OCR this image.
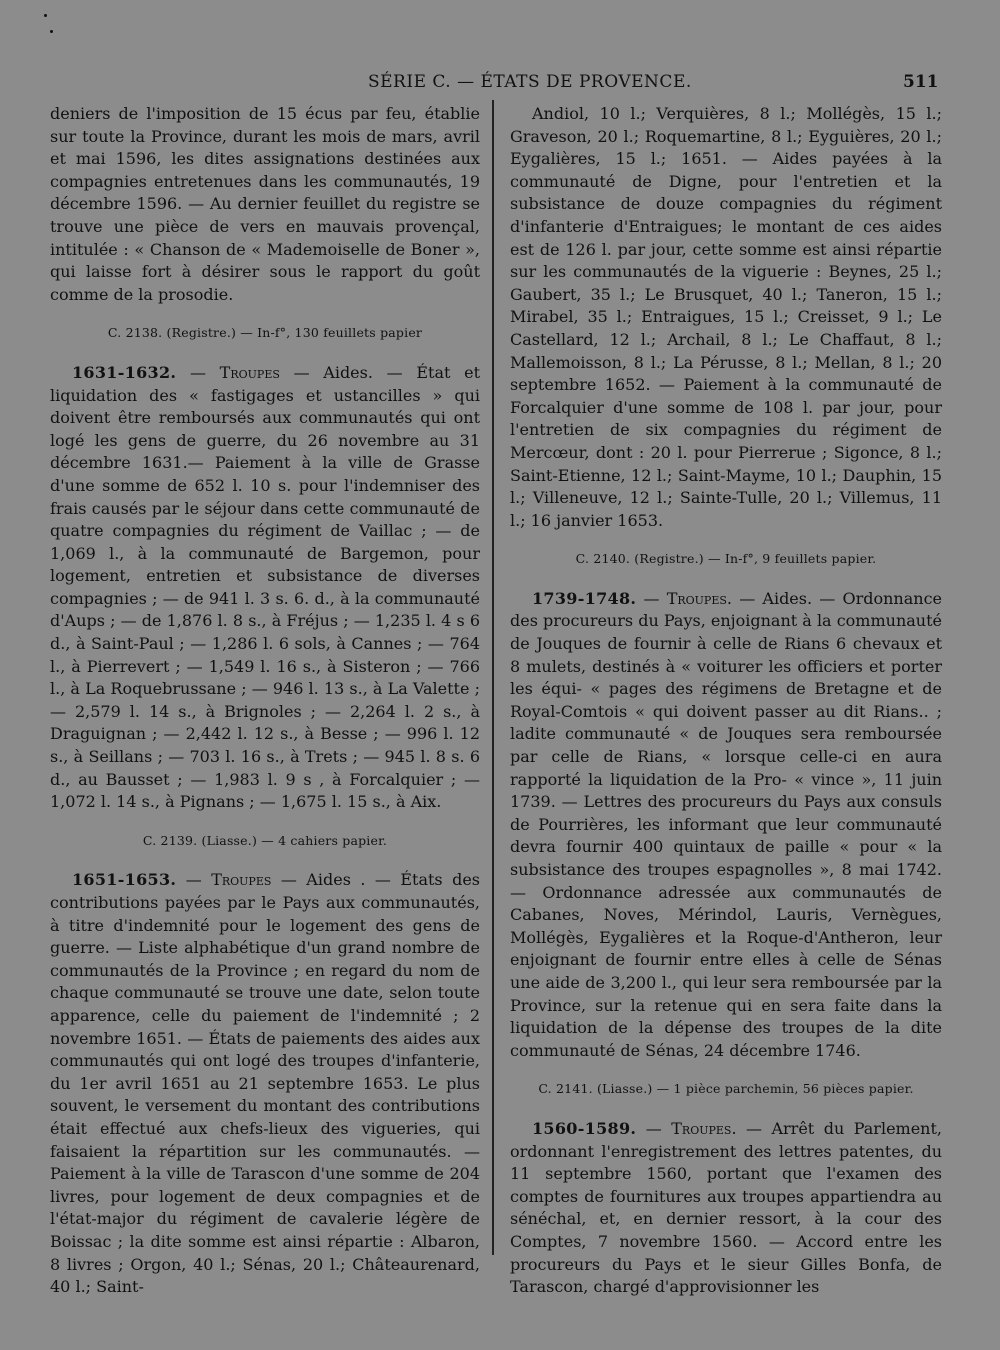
SÉRIE C. — ÉTATS DE PROVENCE.	511

deniers de l'imposition de 15 écus par feu, établie sur toute la Province, durant les mois de mars, avril et mai 1596, les dites assignations destinées aux compagnies entretenues dans les communautés, 19 décembre 1596. — Au dernier feuillet du registre se trouve une pièce de vers en mauvais provençal, intitulée : « Chanson de « Mademoiselle de Boner », qui laisse fort à désirer sous le rapport du goût comme de la prosodie.

C. 2138. (Registre.) — In-f°, 130 feuillets papier

1631-1632. — Troupes — Aides. — État et liquidation des « fastigages et ustancilles » qui doivent être remboursés aux communautés qui ont logé les gens de guerre, du 26 novembre au 31 décembre 1631.— Paiement à la ville de Grasse d'une somme de 652 l. 10 s. pour l'indemniser des frais causés par le séjour dans cette communauté de quatre compagnies du régiment de Vaillac ; — de 1,069 l., à la communauté de Bargemon, pour logement, entretien et subsistance de diverses compagnies ; — de 941 l. 3 s. 6. d., à la communauté d'Aups ; — de 1,876 l. 8 s., à Fréjus ; — 1,235 l. 4 s 6 d., à Saint-Paul ; — 1,286 l. 6 sols, à Cannes ; — 764 l., à Pierrevert ; — 1,549 l. 16 s., à Sisteron ; — 766 l., à La Roquebrussane ; — 946 l. 13 s., à La Valette ; — 2,579 l. 14 s., à Brignoles ; — 2,264 l. 2 s., à Draguignan ; — 2,442 l. 12 s., à Besse ; — 996 l. 12 s., à Seillans ; — 703 l. 16 s., à Trets ; — 945 l. 8 s. 6 d., au Bausset ; — 1,983 l. 9 s , à Forcalquier ; — 1,072 l. 14 s., à Pignans ; — 1,675 l. 15 s., à Aix.

C. 2139. (Liasse.) — 4 cahiers papier.

1651-1653. — Troupes — Aides . — États des contributions payées par le Pays aux communautés, à titre d'indemnité pour le logement des gens de guerre. — Liste alphabétique d'un grand nombre de communautés de la Province ; en regard du nom de chaque communauté se trouve une date, selon toute apparence, celle du paiement de l'indemnité ; 2 novembre 1651. — États de paiements des aides aux communautés qui ont logé des troupes d'infanterie, du 1er avril 1651 au 21 septembre 1653. Le plus souvent, le versement du montant des contributions était effectué aux chefs-lieux des vigueries, qui faisaient la répartition sur les communautés. — Paiement à la ville de Tarascon d'une somme de 204 livres, pour logement de deux compagnies et de l'état-major du régiment de cavalerie légère de Boissac ; la dite somme est ainsi répartie : Albaron, 8 livres ; Orgon, 40 l.; Sénas, 20 l.; Châteaurenard, 40 l.; Saint-

Andiol, 10 l.; Verquières, 8 l.; Mollégès, 15 l.; Graveson, 20 l.; Roquemartine, 8 l.; Eyguières, 20 l.; Eygalières, 15 l.; 1651. — Aides payées à la communauté de Digne, pour l'entretien et la subsistance de douze compagnies du régiment d'infanterie d'Entraigues; le montant de ces aides est de 126 l. par jour, cette somme est ainsi répartie sur les communautés de la viguerie : Beynes, 25 l.; Gaubert, 35 l.; Le Brusquet, 40 l.; Taneron, 15 l.; Mirabel, 35 l.; Entraigues, 15 l.; Creisset, 9 l.; Le Castellard, 12 l.; Archail, 8 l.; Le Chaffaut, 8 l.; Mallemoisson, 8 l.; La Pérusse, 8 l.; Mellan, 8 l.; 20 septembre 1652. — Paiement à la communauté de Forcalquier d'une somme de 108 l. par jour, pour l'entretien de six compagnies du régiment de Mercœur, dont : 20 l. pour Pierrerue ; Sigonce, 8 l.; Saint-Etienne, 12 l.; Saint-Mayme, 10 l.; Dauphin, 15 l.; Villeneuve, 12 l.; Sainte-Tulle, 20 l.; Villemus, 11 l.; 16 janvier 1653.

C. 2140. (Registre.) — In-f°, 9 feuillets papier.

1739-1748. — Troupes. — Aides. — Ordonnance des procureurs du Pays, enjoignant à la communauté de Jouques de fournir à celle de Rians 6 chevaux et 8 mulets, destinés à « voiturer les officiers et porter les équi- « pages des régimens de Bretagne et de Royal-Comtois « qui doivent passer au dit Rians.. ; ladite communauté « de Jouques sera remboursée par celle de Rians, « lorsque celle-ci en aura rapporté la liquidation de la Pro- « vince », 11 juin 1739. — Lettres des procureurs du Pays aux consuls de Pourrières, les informant que leur communauté devra fournir 400 quintaux de paille « pour « la subsistance des troupes espagnolles », 8 mai 1742. — Ordonnance adressée aux communautés de Cabanes, Noves, Mérindol, Lauris, Vernègues, Mollégès, Eygalières et la Roque-d'Antheron, leur enjoignant de fournir entre elles à celle de Sénas une aide de 3,200 l., qui leur sera remboursée par la Province, sur la retenue qui en sera faite dans la liquidation de la dépense des troupes de la dite communauté de Sénas, 24 décembre 1746.

C. 2141. (Liasse.) — 1 pièce parchemin, 56 pièces papier.

1560-1589. — Troupes. — Arrêt du Parlement, ordonnant l'enregistrement des lettres patentes, du 11 septembre 1560, portant que l'examen des comptes de fournitures aux troupes appartiendra au sénéchal, et, en dernier ressort, à la cour des Comptes, 7 novembre 1560. — Accord entre les procureurs du Pays et le sieur Gilles Bonfa, de Tarascon, chargé d'approvisionner les
